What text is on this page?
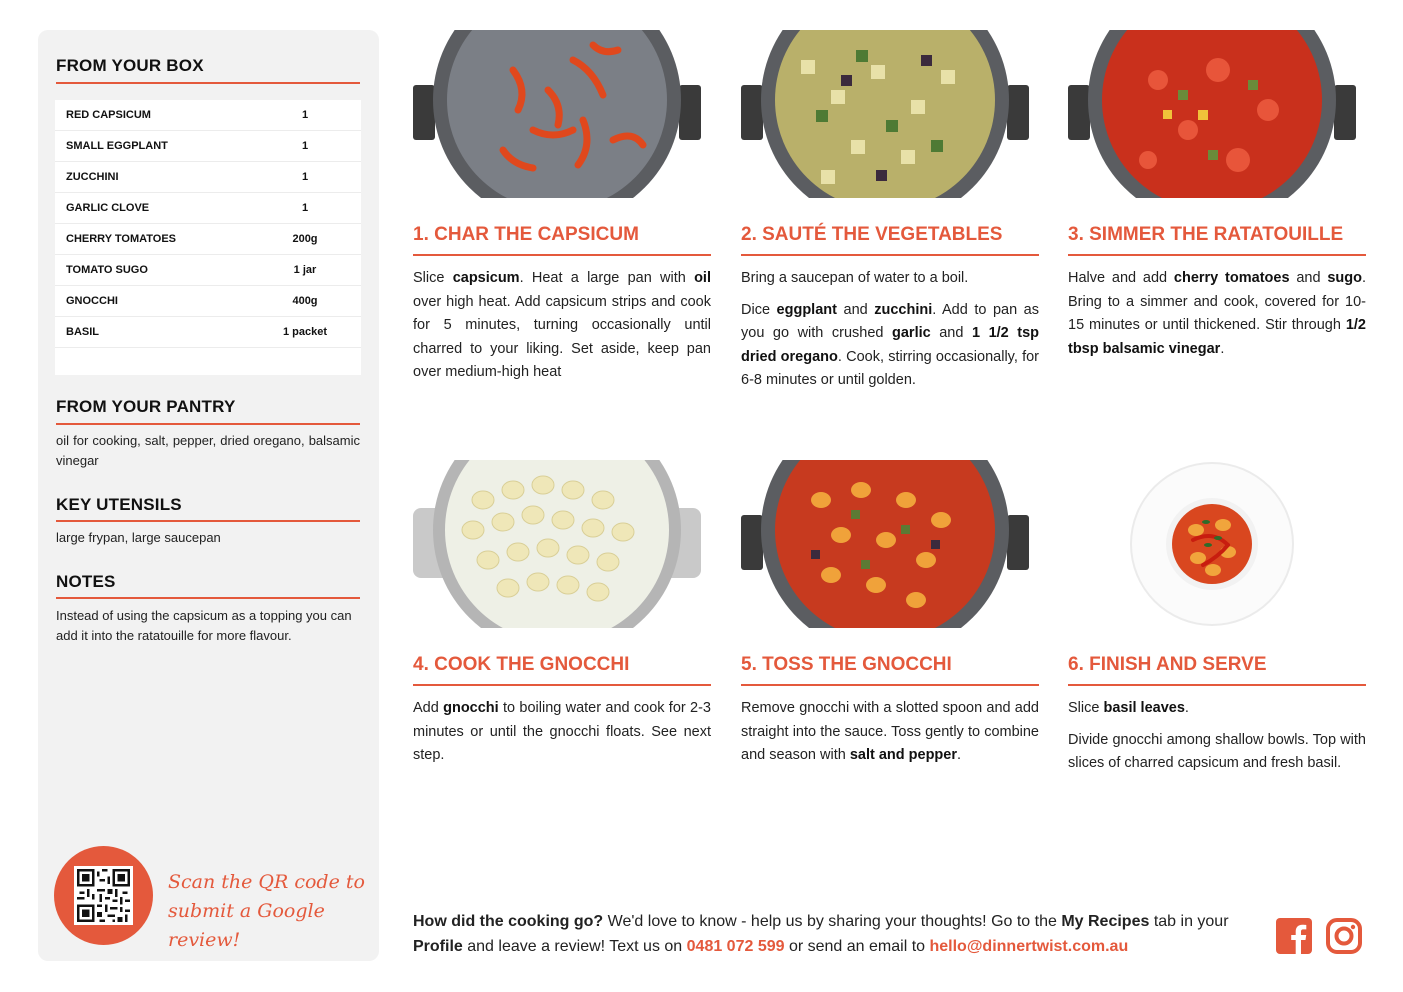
FROM YOUR BOX
RED CAPSICUM	1
SMALL EGGPLANT	1
ZUCCHINI	1
GARLIC CLOVE	1
CHERRY TOMATOES	200g
TOMATO SUGO	1 jar
GNOCCHI	400g
BASIL	1 packet
FROM YOUR PANTRY
oil for cooking, salt, pepper, dried oregano, balsamic vinegar
KEY UTENSILS
large frypan, large saucepan
NOTES
Instead of using the capsicum as a topping you can add it into the ratatouille for more flavour.
Scan the QR code to
submit a Google review!
1. CHAR THE CAPSICUM

Slice capsicum. Heat a large pan with oil over high heat. Add capsicum strips and cook for 5 minutes, turning occasionally until charred to your liking. Set aside, keep pan over medium-high heat

2. SAUTÉ THE VEGETABLES

Bring a saucepan of water to a boil.

Dice eggplant and zucchini. Add to pan as you go with crushed garlic and 1 1/2 tsp dried oregano. Cook, stirring occasionally, for 6-8 minutes or until golden.

3. SIMMER THE RATATOUILLE

Halve and add cherry tomatoes and sugo. Bring to a simmer and cook, covered for 10-15 minutes or until thickened. Stir through 1/2 tbsp balsamic vinegar.

4. COOK THE GNOCCHI

Add gnocchi to boiling water and cook for 2-3 minutes or until the gnocchi floats. See next step.

5. TOSS THE GNOCCHI

Remove gnocchi with a slotted spoon and add straight into the sauce. Toss gently to combine and season with salt and pepper.

6. FINISH AND SERVE

Slice basil leaves.

Divide gnocchi among shallow bowls. Top with slices of charred capsicum and fresh basil.

How did the cooking go? We'd love to know - help us by sharing your thoughts! Go to the My Recipes tab in your Profile and leave a review! Text us on 0481 072 599 or send an email to hello@dinnertwist.com.au
